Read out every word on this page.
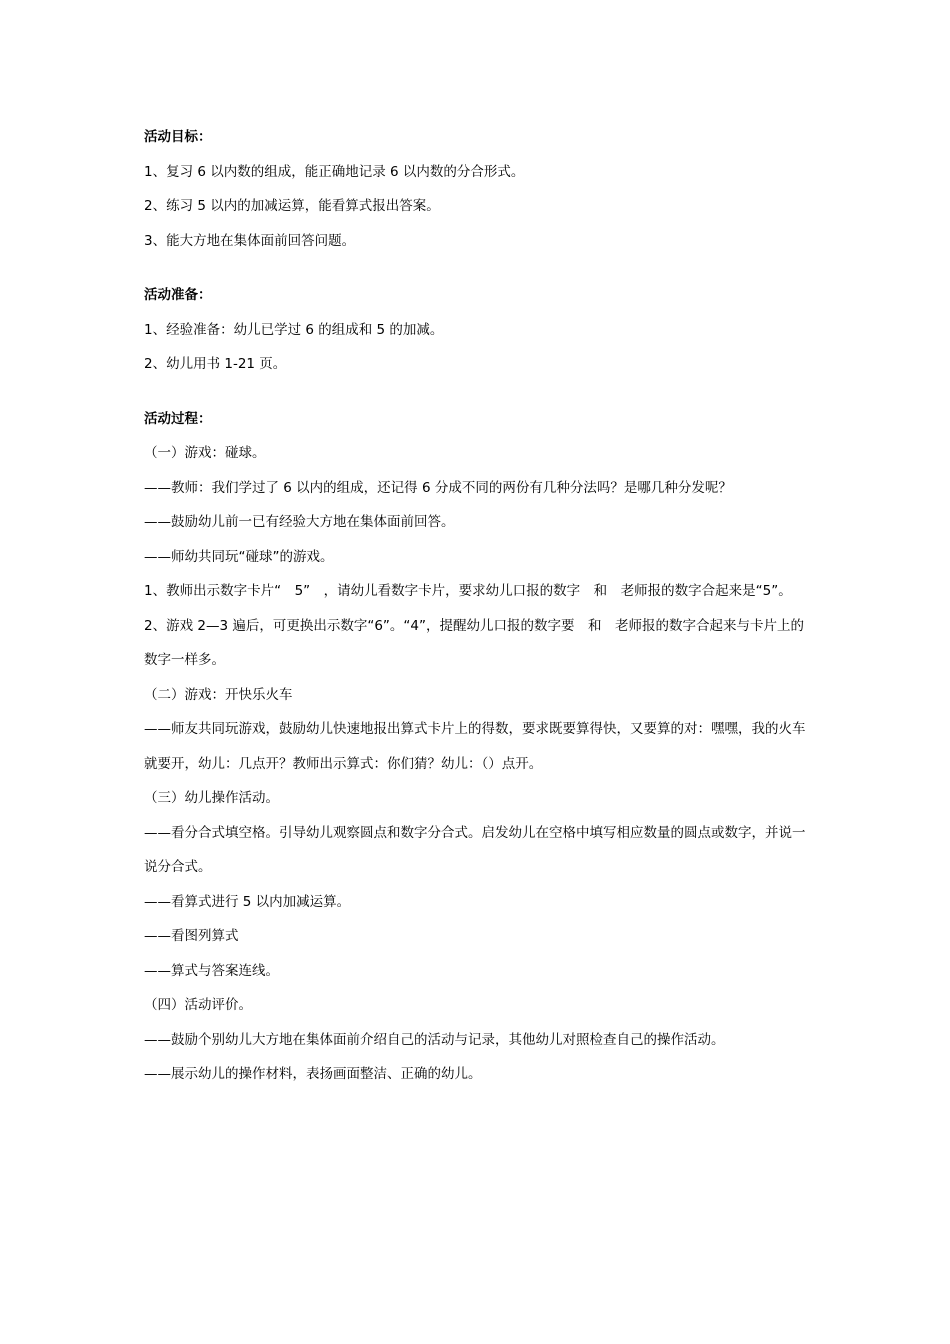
活动目标：
1、复习 6 以内数的组成，能正确地记录 6 以内数的分合形式。
2、练习 5 以内的加减运算，能看算式报出答案。
3、能大方地在集体面前回答问题。
活动准备：
1、经验准备：幼儿已学过 6 的组成和 5 的加减。
2、幼儿用书 1-21 页。
活动过程：
（一）游戏：碰球。
——教师：我们学过了 6 以内的组成，还记得 6 分成不同的两份有几种分法吗？是哪几种分发呢？
——鼓励幼儿前一已有经验大方地在集体面前回答。
——师幼共同玩“碰球”的游戏。
1、教师出示数字卡片“　5”　，请幼儿看数字卡片，要求幼儿口报的数字　和　老师报的数字合起来是“5”。
2、游戏 2—3 遍后，可更换出示数字“6”。“4”，提醒幼儿口报的数字要　和　老师报的数字合起来与卡片上的数字一样多。
（二）游戏：开快乐火车
——师友共同玩游戏，鼓励幼儿快速地报出算式卡片上的得数，要求既要算得快，又要算的对：嘿嘿，我的火车就要开，幼儿：几点开？教师出示算式：你们猜？幼儿：（）点开。
（三）幼儿操作活动。
——看分合式填空格。引导幼儿观察圆点和数字分合式。启发幼儿在空格中填写相应数量的圆点或数字，并说一说分合式。
——看算式进行 5 以内加减运算。
——看图列算式
——算式与答案连线。
（四）活动评价。
——鼓励个别幼儿大方地在集体面前介绍自己的活动与记录，其他幼儿对照检查自己的操作活动。
——展示幼儿的操作材料，表扬画面整洁、正确的幼儿。
